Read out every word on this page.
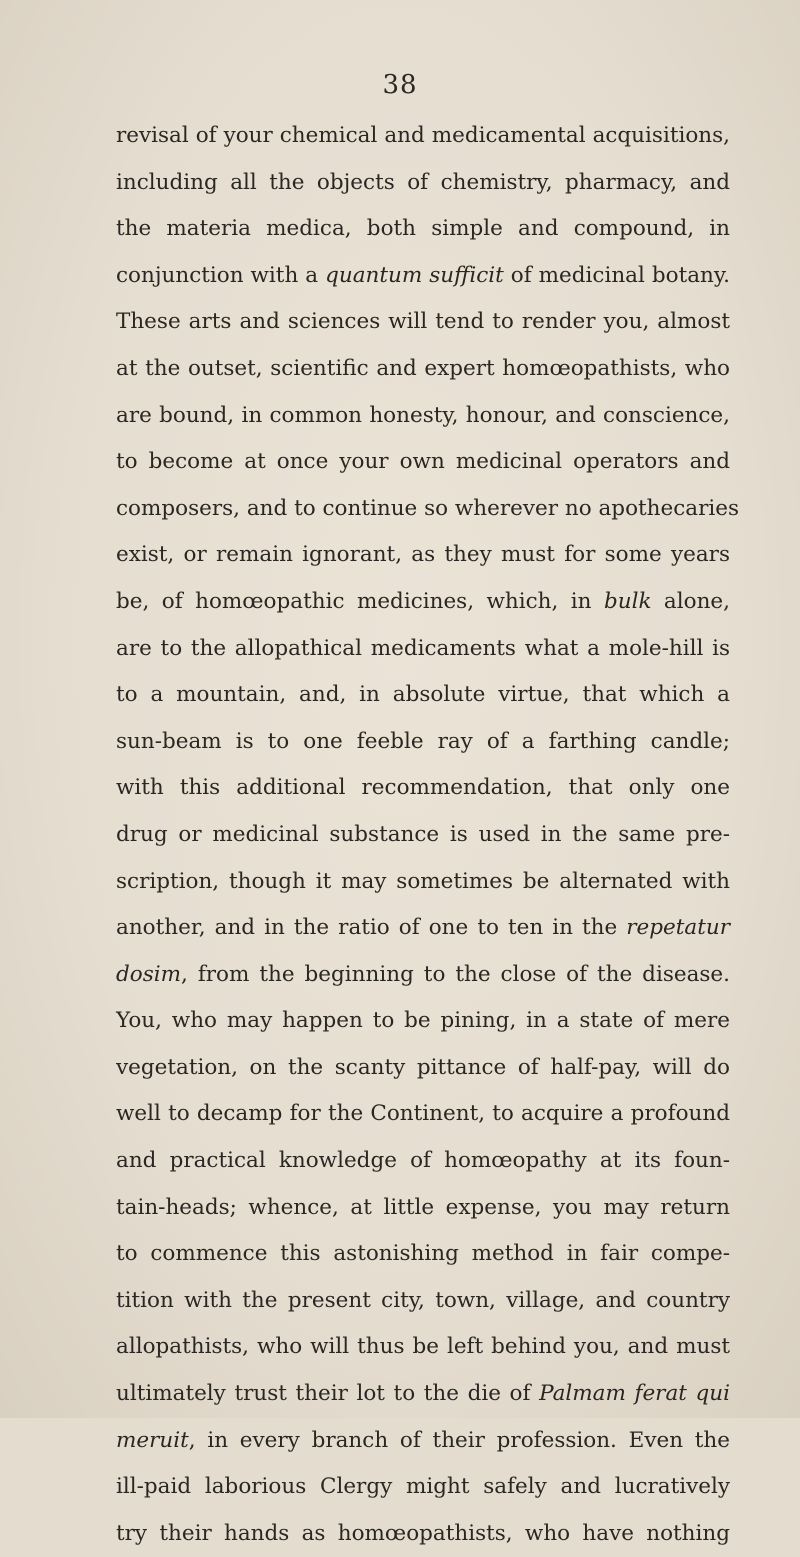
38
revisal of your chemical and medicamental acquisitions,
including all the objects of chemistry, pharmacy, and
the materia medica, both simple and compound, in
conjunction with a quantum sufficit of medicinal botany.
These arts and sciences will tend to render you, almost
at the outset, scientific and expert homœopathists, who
are bound, in common honesty, honour, and conscience,
to become at once your own medicinal operators and
composers, and to continue so wherever no apothecaries
exist, or remain ignorant, as they must for some years
be, of homœopathic medicines, which, in bulk alone,
are to the allopathical medicaments what a mole-hill is
to a mountain, and, in absolute virtue, that which a
sun-beam is to one feeble ray of a farthing candle;
with this additional recommendation, that only one
drug or medicinal substance is used in the same pre-
scription, though it may sometimes be alternated with
another, and in the ratio of one to ten in the repetatur
dosim, from the beginning to the close of the disease.
You, who may happen to be pining, in a state of mere
vegetation, on the scanty pittance of half-pay, will do
well to decamp for the Continent, to acquire a profound
and practical knowledge of homœopathy at its foun-
tain-heads; whence, at little expense, you may return
to commence this astonishing method in fair compe-
tition with the present city, town, village, and country
allopathists, who will thus be left behind you, and must
ultimately trust their lot to the die of Palmam ferat qui
meruit, in every branch of their profession. Even the
ill-paid laborious Clergy might safely and lucratively
try their hands as homœopathists, who have nothing
